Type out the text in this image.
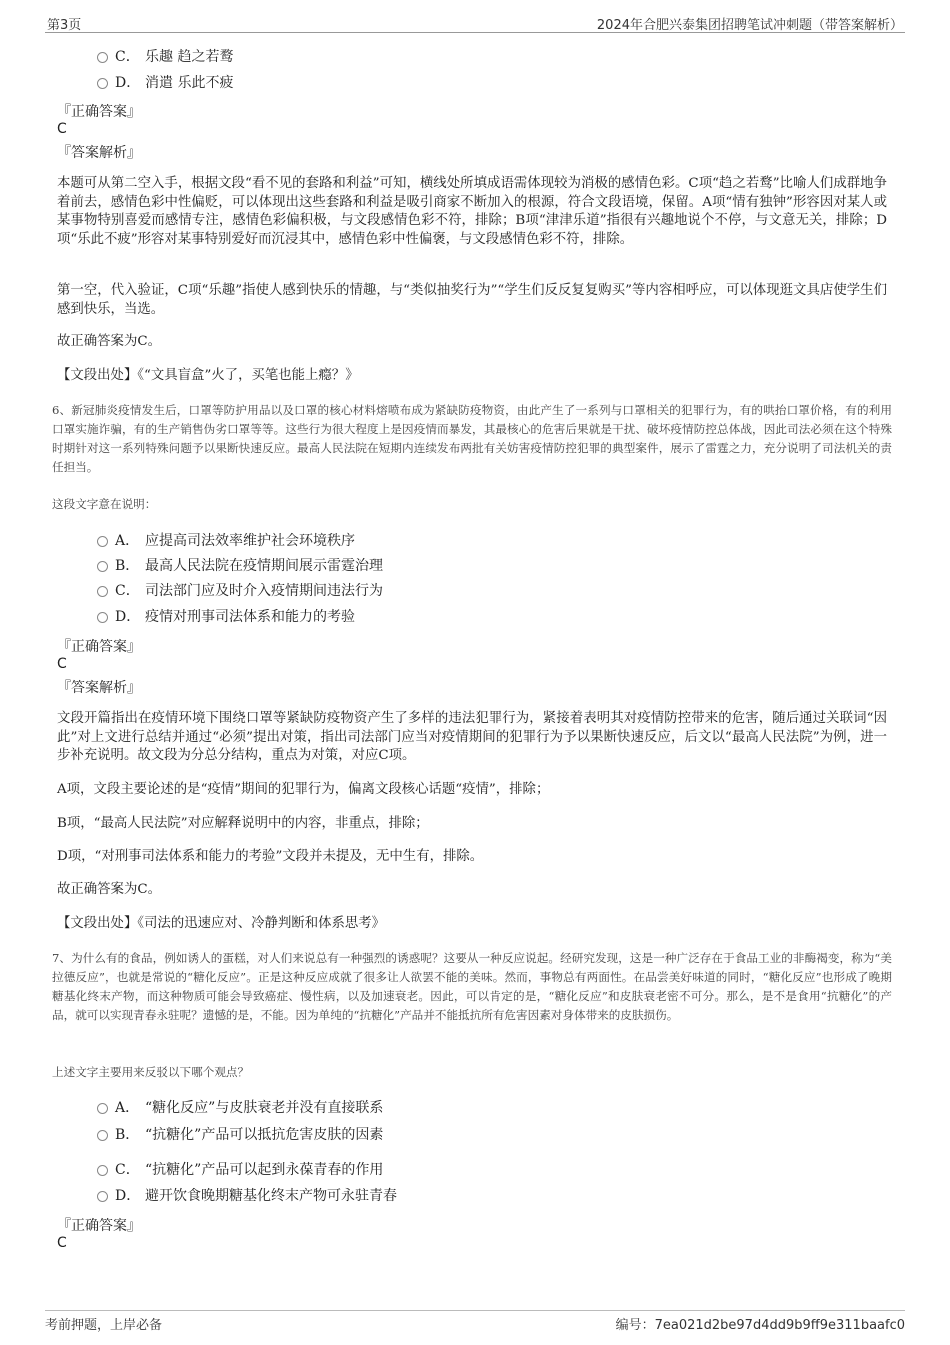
第3页	2024年合肥兴泰集团招聘笔试冲刺题（带答案解析）
C． 乐趣 趋之若鹜
D． 消遣 乐此不疲
『正确答案』
C
『答案解析』
本题可从第二空入手，根据文段“看不见的套路和利益”可知，横线处所填成语需体现较为消极的感情色彩。C项“趋之若鹜”比喻人们成群地争着前去，感情色彩中性偏贬，可以体现出这些套路和利益是吸引商家不断加入的根源，符合文段语境，保留。A项“情有独钟”形容因对某人或某事物特别喜爱而感情专注，感情色彩偏积极，与文段感情色彩不符，排除；B项“津津乐道”指很有兴趣地说个不停，与文意无关，排除；D项“乐此不疲”形容对某事特别爱好而沉浸其中，感情色彩中性偏褒，与文段感情色彩不符，排除。
第一空，代入验证，C项“乐趣”指使人感到快乐的情趣，与“类似抽奖行为”“学生们反反复复购买”等内容相呼应，可以体现逛文具店使学生们感到快乐，当选。
故正确答案为C。
【文段出处】《“文具盲盒”火了，买笔也能上瘾？》
6、新冠肺炎疫情发生后，口罩等防护用品以及口罩的核心材料熔喷布成为紧缺防疫物资，由此产生了一系列与口罩相关的犯罪行为，有的哄抬口罩价格，有的利用口罩实施诈骗，有的生产销售伪劣口罩等等。这些行为很大程度上是因疫情而暴发，其最核心的危害后果就是干扰、破坏疫情防控总体战，因此司法必须在这个特殊时期针对这一系列特殊问题予以果断快速反应。最高人民法院在短期内连续发布两批有关妨害疫情防控犯罪的典型案件，展示了雷霆之力，充分说明了司法机关的责任担当。
这段文字意在说明：
A． 应提高司法效率维护社会环境秩序
B． 最高人民法院在疫情期间展示雷霆治理
C． 司法部门应及时介入疫情期间违法行为
D． 疫情对刑事司法体系和能力的考验
『正确答案』
C
『答案解析』
文段开篇指出在疫情环境下围绕口罩等紧缺防疫物资产生了多样的违法犯罪行为，紧接着表明其对疫情防控带来的危害，随后通过关联词“因此”对上文进行总结并通过“必须”提出对策，指出司法部门应当对疫情期间的犯罪行为予以果断快速反应，后文以“最高人民法院”为例，进一步补充说明。故文段为分总分结构，重点为对策，对应C项。
A项，文段主要论述的是“疫情”期间的犯罪行为，偏离文段核心话题“疫情”，排除；
B项，“最高人民法院”对应解释说明中的内容，非重点，排除；
D项，“对刑事司法体系和能力的考验”文段并未提及，无中生有，排除。
故正确答案为C。
【文段出处】《司法的迅速应对、冷静判断和体系思考》
7、为什么有的食品，例如诱人的蛋糕，对人们来说总有一种强烈的诱惑呢？这要从一种反应说起。经研究发现，这是一种广泛存在于食品工业的非酶褐变，称为“美拉德反应”，也就是常说的“糖化反应”。正是这种反应成就了很多让人欲罢不能的美味。然而，事物总有两面性。在品尝美好味道的同时，“糖化反应”也形成了晚期糖基化终末产物，而这种物质可能会导致癌症、慢性病，以及加速衰老。因此，可以肯定的是，“糖化反应”和皮肤衰老密不可分。那么，是不是食用“抗糖化”的产品，就可以实现青春永驻呢？遗憾的是，不能。因为单纯的“抗糖化”产品并不能抵抗所有危害因素对身体带来的皮肤损伤。
上述文字主要用来反驳以下哪个观点？
A． “糖化反应”与皮肤衰老并没有直接联系
B． “抗糖化”产品可以抵抗危害皮肤的因素
C． “抗糖化”产品可以起到永葆青春的作用
D． 避开饮食晚期糖基化终末产物可永驻青春
『正确答案』
C
考前押题，上岸必备	编号：7ea021d2be97d4dd9b9ff9e311baafc0
